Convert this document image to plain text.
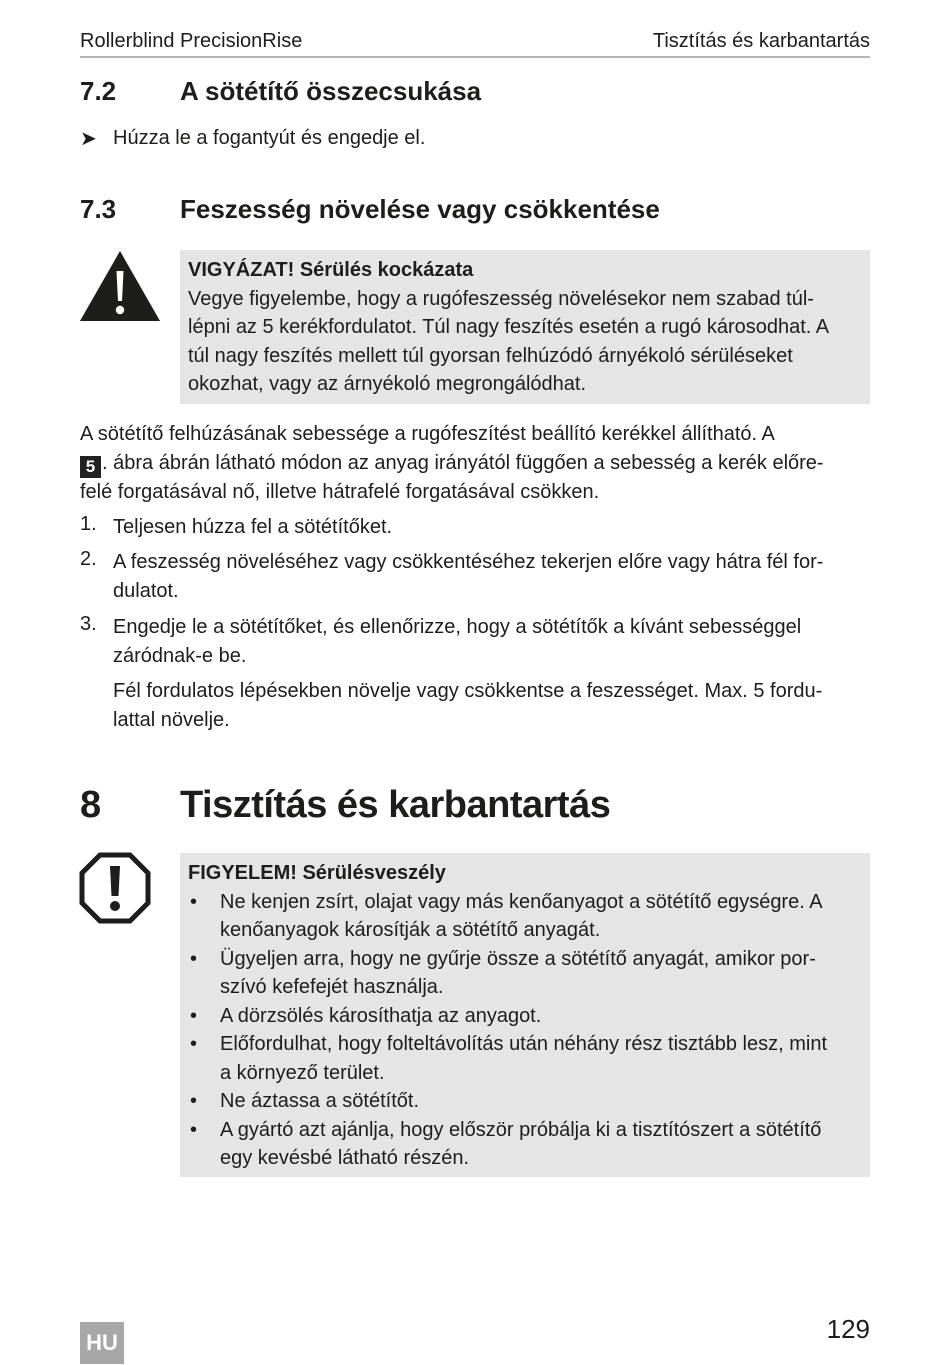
Rollerblind PrecisionRise	Tisztítás és karbantartás
7.2 A sötétítő összecsukása
➤ Húzza le a fogantyút és engedje el.
7.3 Feszesség növelése vagy csökkentése
VIGYÁZAT! Sérülés kockázata
Vegye figyelembe, hogy a rugófeszesség növelésekor nem szabad túl-
lépni az 5 kerékfordulatot. Túl nagy feszítés esetén a rugó károsodhat. A
túl nagy feszítés mellett túl gyorsan felhúzódó árnyékoló sérüléseket
okozhat, vagy az árnyékoló megrongálódhat.
A sötétítő felhúzásának sebessége a rugófeszítést beállító kerékkel állítható. A
5 . ábra ábrán látható módon az anyag irányától függően a sebesség a kerék előre-
felé forgatásával nő, illetve hátrafelé forgatásával csökken.
1. Teljesen húzza fel a sötétítőket.
2. A feszesség növeléséhez vagy csökkentéséhez tekerjen előre vagy hátra fél for-
dulatot.
3. Engedje le a sötétítőket, és ellenőrizze, hogy a sötétítők a kívánt sebességgel
záródnak-e be.
Fél fordulatos lépésekben növelje vagy csökkentse a feszességet. Max. 5 fordu-
lattal növelje.
8 Tisztítás és karbantartás
FIGYELEM! Sérülésveszély
• Ne kenjen zsírt, olajat vagy más kenőanyagot a sötétítő egységre. A
kenőanyagok károsítják a sötétítő anyagát.
• Ügyeljen arra, hogy ne gyűrje össze a sötétítő anyagát, amikor por-
szívó kefefejét használja.
• A dörzsölés károsíthatja az anyagot.
• Előfordulhat, hogy folteltávolítás után néhány rész tisztább lesz, mint
a környező terület.
• Ne áztassa a sötétítőt.
• A gyártó azt ajánlja, hogy először próbálja ki a tisztítószert a sötétítő
egy kevésbé látható részén.
HU	129
